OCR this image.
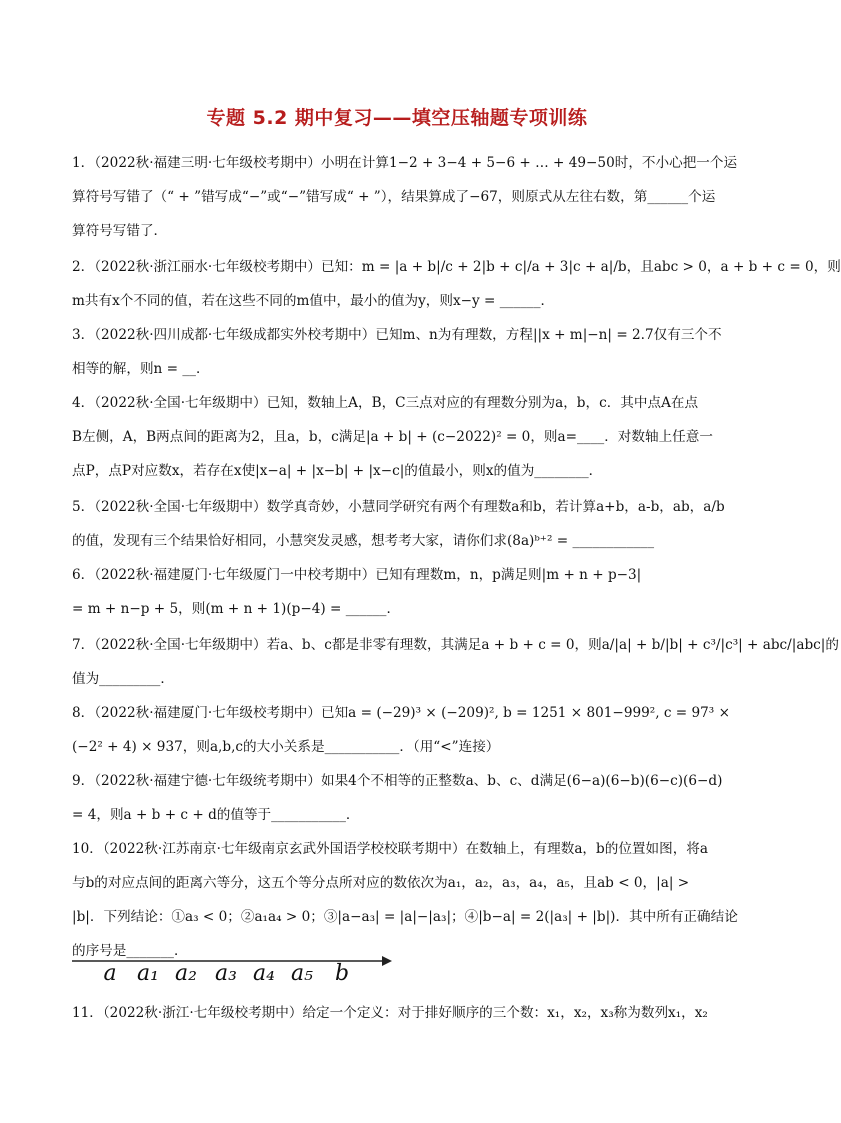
专题 5.2 期中复习——填空压轴题专项训练
1．（2022秋·福建三明·七年级校考期中）小明在计算1−2 + 3−4 + 5−6 + … + 49−50时，不小心把一个运
算符号写错了（“ + ”错写成“−”或“−”错写成“ + ”），结果算成了−67，则原式从左往右数，第______个运
算符号写错了．
2．（2022秋·浙江丽水·七年级校考期中）已知：m = |a + b|/c + 2|b + c|/a + 3|c + a|/b，且abc > 0，a + b + c = 0，则
m共有x个不同的值，若在这些不同的m值中，最小的值为y，则x−y = ______．
3．（2022秋·四川成都·七年级成都实外校考期中）已知m、n为有理数，方程||x + m|−n| = 2.7仅有三个不
相等的解，则n = __．
4．（2022秋·全国·七年级期中）已知，数轴上A，B，C三点对应的有理数分别为a，b，c．其中点A在点
B左侧，A，B两点间的距离为2，且a，b，c满足|a + b| + (c−2022)² = 0，则a=____．对数轴上任意一
点P，点P对应数x，若存在x使|x−a| + |x−b| + |x−c|的值最小，则x的值为________．
5．（2022秋·全国·七年级期中）数学真奇妙，小慧同学研究有两个有理数a和b，若计算a+b，a-b，ab，a/b
的值，发现有三个结果恰好相同，小慧突发灵感，想考考大家，请你们求(8a)ᵇ⁺² = ____________
6．（2022秋·福建厦门·七年级厦门一中校考期中）已知有理数m，n，p满足则|m + n + p−3|
= m + n−p + 5，则(m + n + 1)(p−4) = ______．
7．（2022秋·全国·七年级期中）若a、b、c都是非零有理数，其满足a + b + c = 0，则a/|a| + b/|b| + c³/|c³| + abc/|abc|的
值为_________．
8．（2022秋·福建厦门·七年级校考期中）已知a = (−29)³ × (−209)², b = 1251 × 801−999², c = 97³ ×
(−2² + 4) × 937，则a,b,c的大小关系是___________．（用“<”连接）
9．（2022秋·福建宁德·七年级统考期中）如果4个不相等的正整数a、b、c、d满足(6−a)(6−b)(6−c)(6−d)
= 4，则a + b + c + d的值等于___________．
10．（2022秋·江苏南京·七年级南京玄武外国语学校校联考期中）在数轴上，有理数a，b的位置如图，将a
与b的对应点间的距离六等分，这五个等分点所对应的数依次为a₁，a₂，a₃，a₄，a₅，且ab < 0，|a| >
|b|．下列结论：①a₃ < 0；②a₁a₄ > 0；③|a−a₃| = |a|−|a₃|；④|b−a| = 2(|a₃| + |b|)．其中所有正确结论
的序号是_______．
11．（2022秋·浙江·七年级校考期中）给定一个定义：对于排好顺序的三个数：x₁，x₂，x₃称为数列x₁，x₂
a a₁ a₂ a₃ a₄ a₅ b
